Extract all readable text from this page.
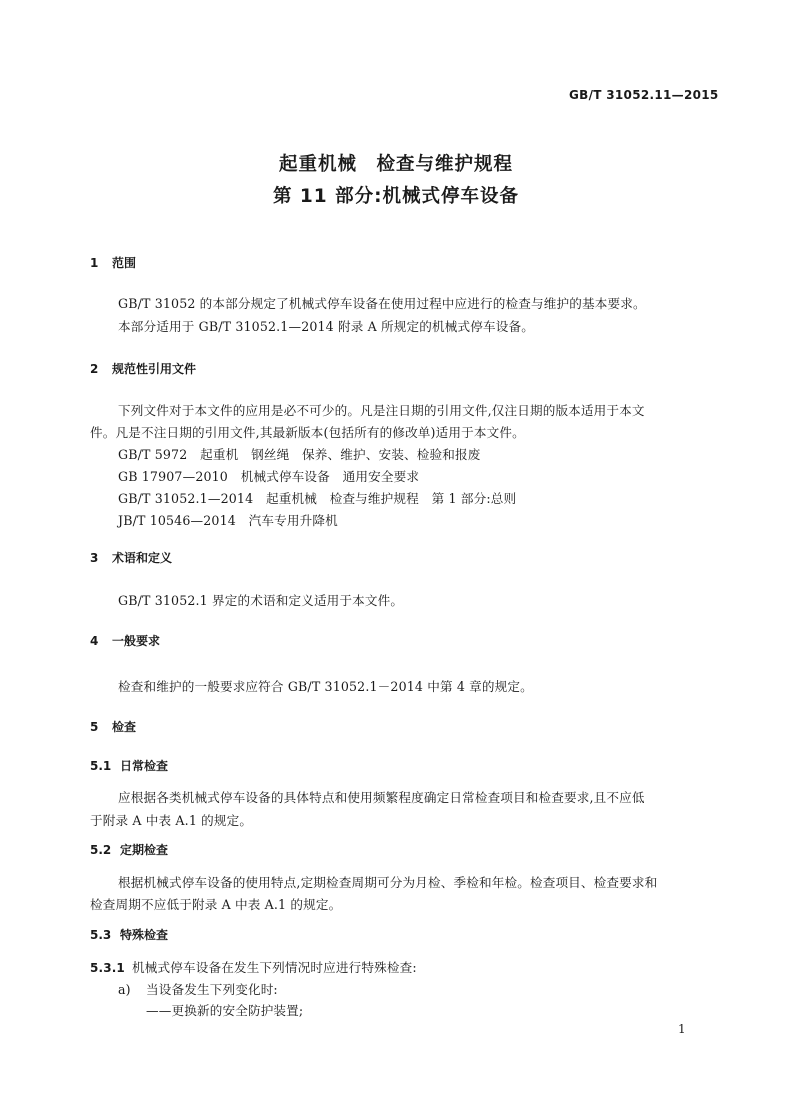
GB/T 31052.11—2015
起重机械　检查与维护规程
第 11 部分:机械式停车设备
1 范围
GB/T 31052 的本部分规定了机械式停车设备在使用过程中应进行的检查与维护的基本要求。
本部分适用于 GB/T 31052.1—2014 附录 A 所规定的机械式停车设备。
2 规范性引用文件
下列文件对于本文件的应用是必不可少的。凡是注日期的引用文件,仅注日期的版本适用于本文
件。凡是不注日期的引用文件,其最新版本(包括所有的修改单)适用于本文件。
GB/T 5972　起重机　钢丝绳　保养、维护、安装、检验和报废
GB 17907—2010　机械式停车设备　通用安全要求
GB/T 31052.1—2014　起重机械　检查与维护规程　第 1 部分:总则
JB/T 10546—2014　汽车专用升降机
3 术语和定义
GB/T 31052.1 界定的术语和定义适用于本文件。
4 一般要求
检查和维护的一般要求应符合 GB/T 31052.1－2014 中第 4 章的规定。
5 检查
5.1 日常检查
应根据各类机械式停车设备的具体特点和使用频繁程度确定日常检查项目和检查要求,且不应低
于附录 A 中表 A.1 的规定。
5.2 定期检查
根据机械式停车设备的使用特点,定期检查周期可分为月检、季检和年检。检查项目、检查要求和
检查周期不应低于附录 A 中表 A.1 的规定。
5.3 特殊检查
5.3.1 机械式停车设备在发生下列情况时应进行特殊检查:
a) 当设备发生下列变化时:
——更换新的安全防护装置;
1
